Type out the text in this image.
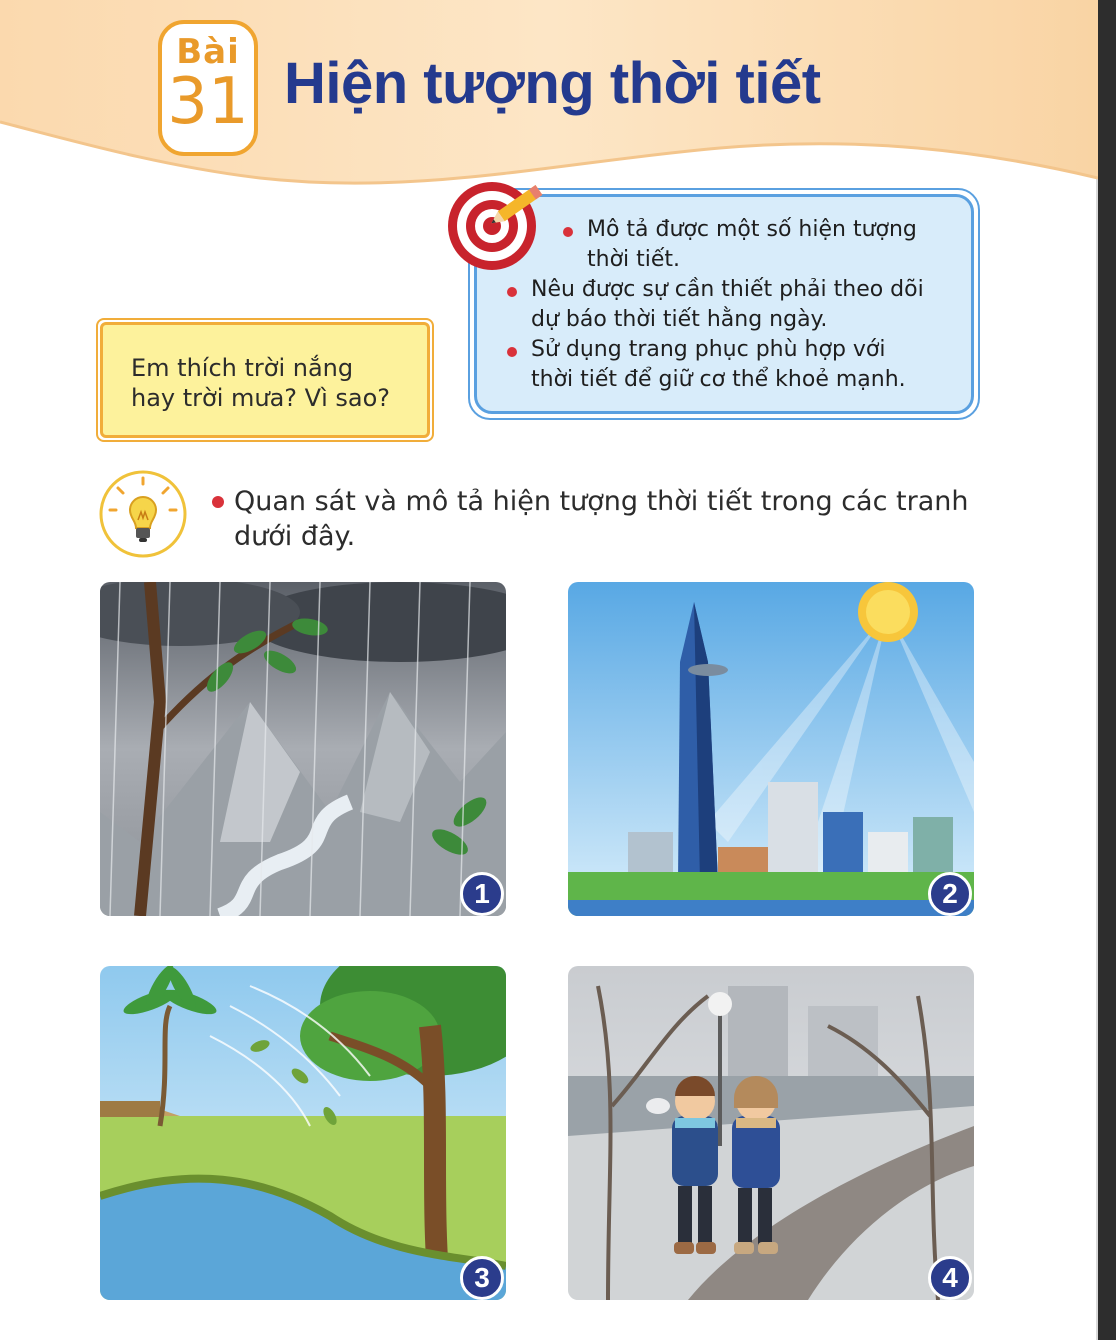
Bài
31 Hiện tượng thời tiết
Mô tả được một số hiện tượng
thời tiết.
Nêu được sự cần thiết phải theo dõi
dự báo thời tiết hằng ngày.
Sử dụng trang phục phù hợp với
thời tiết để giữ cơ thể khoẻ mạnh.
Em thích trời nắng
hay trời mưa? Vì sao?
Quan sát và mô tả hiện tượng thời tiết trong các tranh
dưới đây.
1	2
3	4
